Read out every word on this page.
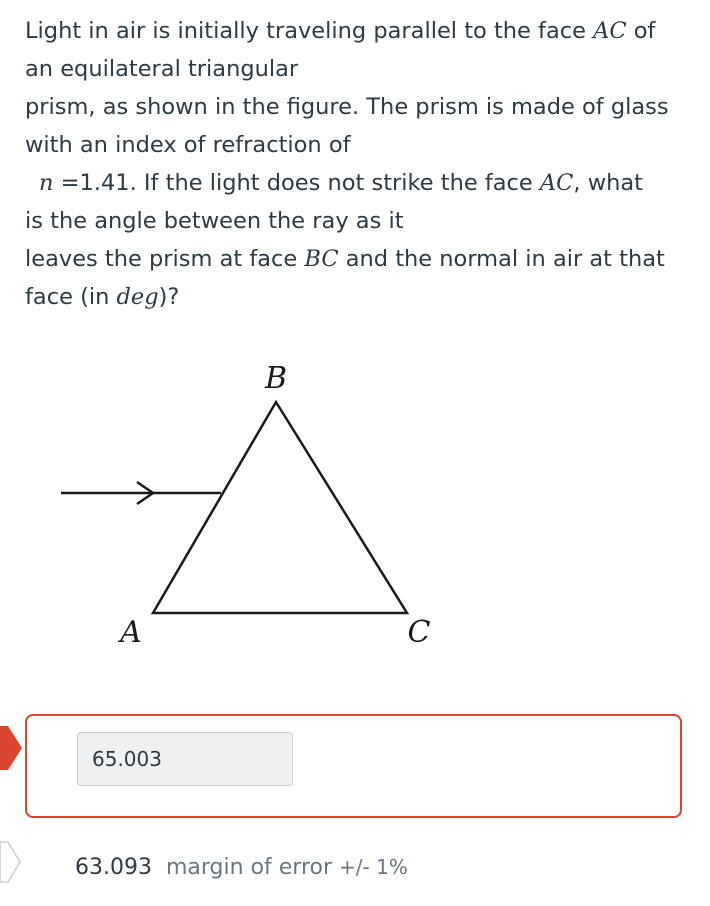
Light in air is initially traveling parallel to the face AC of
an equilateral triangular
prism, as shown in the figure. The prism is made of glass
with an index of refraction of
n =1.41. If the light does not strike the face AC, what
is the angle between the ray as it
leaves the prism at face BC and the normal in air at that
face (in deg)?
B
A	C
65.003
63.093 margin of error +/- 1%
